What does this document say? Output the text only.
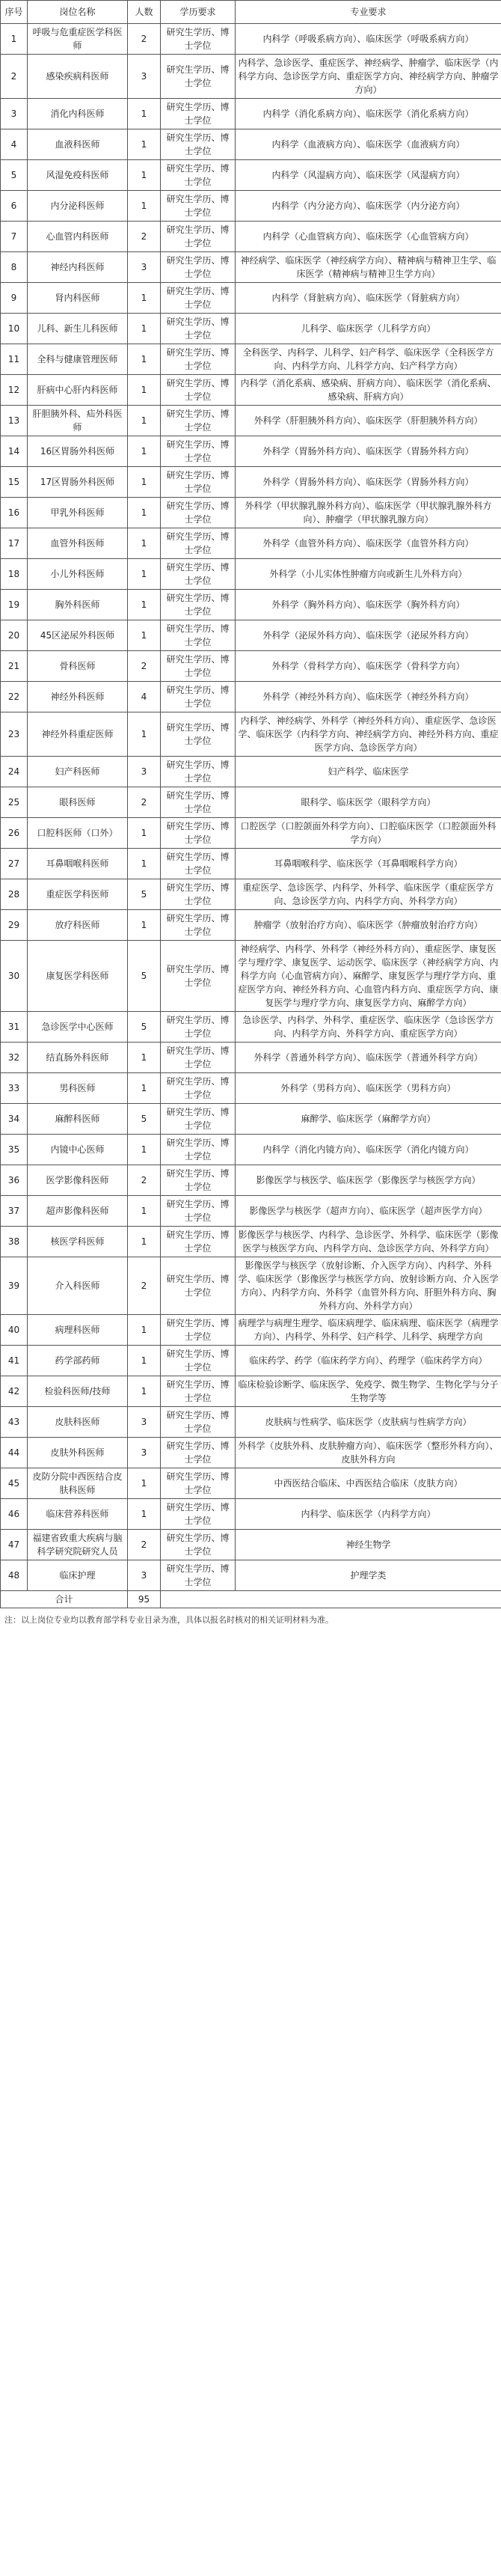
序号	岗位名称	人数	学历要求	专业要求
1	呼吸与危重症医学科医师	2	研究生学历、博士学位	内科学（呼吸系病方向）、临床医学（呼吸系病方向）
2	感染疾病科医师	3	研究生学历、博士学位	内科学、急诊医学、重症医学、神经病学、肿瘤学、临床医学（内科学方向、急诊医学方向、重症医学方向、神经病学方向、肿瘤学方向）
3	消化内科医师	1	研究生学历、博士学位	内科学（消化系病方向）、临床医学（消化系病方向）
4	血液科医师	1	研究生学历、博士学位	内科学（血液病方向）、临床医学（血液病方向）
5	风湿免疫科医师	1	研究生学历、博士学位	内科学（风湿病方向）、临床医学（风湿病方向）
6	内分泌科医师	1	研究生学历、博士学位	内科学（内分泌方向）、临床医学（内分泌方向）
7	心血管内科医师	2	研究生学历、博士学位	内科学（心血管病方向）、临床医学（心血管病方向）
8	神经内科医师	3	研究生学历、博士学位	神经病学、临床医学（神经病学方向）、精神病与精神卫生学、临床医学（精神病与精神卫生学方向）
9	肾内科医师	1	研究生学历、博士学位	内科学（肾脏病方向）、临床医学（肾脏病方向）
10	儿科、新生儿科医师	1	研究生学历、博士学位	儿科学、临床医学（儿科学方向）
11	全科与健康管理医师	1	研究生学历、博士学位	全科医学、内科学、儿科学、妇产科学、临床医学（全科医学方向、内科学方向、儿科学方向、妇产科学方向）
12	肝病中心肝内科医师	1	研究生学历、博士学位	内科学（消化系病、感染病、肝病方向）、临床医学（消化系病、感染病、肝病方向）
13	肝胆胰外科、疝外科医师	1	研究生学历、博士学位	外科学（肝胆胰外科方向）、临床医学（肝胆胰外科方向）
14	16区胃肠外科医师	1	研究生学历、博士学位	外科学（胃肠外科方向）、临床医学（胃肠外科方向）
15	17区胃肠外科医师	1	研究生学历、博士学位	外科学（胃肠外科方向）、临床医学（胃肠外科方向）
16	甲乳外科医师	1	研究生学历、博士学位	外科学（甲状腺乳腺外科方向）、临床医学（甲状腺乳腺外科方向）、肿瘤学（甲状腺乳腺方向）
17	血管外科医师	1	研究生学历、博士学位	外科学（血管外科方向）、临床医学（血管外科方向）
18	小儿外科医师	1	研究生学历、博士学位	外科学（小儿实体性肿瘤方向或新生儿外科方向）
19	胸外科医师	1	研究生学历、博士学位	外科学（胸外科方向）、临床医学（胸外科方向）
20	45区泌尿外科医师	1	研究生学历、博士学位	外科学（泌尿外科方向）、临床医学（泌尿外科方向）
21	骨科医师	2	研究生学历、博士学位	外科学（骨科学方向）、临床医学（骨科学方向）
22	神经外科医师	4	研究生学历、博士学位	外科学（神经外科方向）、临床医学（神经外科方向）
23	神经外科重症医师	1	研究生学历、博士学位	内科学、神经病学、外科学（神经外科方向）、重症医学、急诊医学、临床医学（内科学方向、神经病学方向、神经外科方向、重症医学方向、急诊医学方向）
24	妇产科医师	3	研究生学历、博士学位	妇产科学、临床医学
25	眼科医师	2	研究生学历、博士学位	眼科学、临床医学（眼科学方向）
26	口腔科医师（口外）	1	研究生学历、博士学位	口腔医学（口腔颌面外科学方向）、口腔临床医学（口腔颌面外科学方向）
27	耳鼻咽喉科医师	1	研究生学历、博士学位	耳鼻咽喉科学、临床医学（耳鼻咽喉科学方向）
28	重症医学科医师	5	研究生学历、博士学位	重症医学、急诊医学、内科学、外科学、临床医学（重症医学方向、急诊医学方向、内科学方向、外科学方向）
29	放疗科医师	1	研究生学历、博士学位	肿瘤学（放射治疗方向）、临床医学（肿瘤放射治疗方向）
30	康复医学科医师	5	研究生学历、博士学位	神经病学、内科学、外科学（神经外科方向）、重症医学、康复医学与理疗学、康复医学、运动医学、临床医学（神经病学方向、内科学方向（心血管病方向）、麻醉学、康复医学与理疗学方向、重症医学方向、神经外科方向、心血管内科方向、重症医学方向、康复医学与理疗学方向、康复医学方向、麻醉学方向）
31	急诊医学中心医师	5	研究生学历、博士学位	急诊医学、内科学、外科学、重症医学、临床医学（急诊医学方向、内科学方向、外科学方向、重症医学方向）
32	结直肠外科医师	1	研究生学历、博士学位	外科学（普通外科学方向）、临床医学（普通外科学方向）
33	男科医师	1	研究生学历、博士学位	外科学（男科方向）、临床医学（男科方向）
34	麻醉科医师	5	研究生学历、博士学位	麻醉学、临床医学（麻醉学方向）
35	内镜中心医师	1	研究生学历、博士学位	内科学（消化内镜方向）、临床医学（消化内镜方向）
36	医学影像科医师	2	研究生学历、博士学位	影像医学与核医学、临床医学（影像医学与核医学方向）
37	超声影像科医师	1	研究生学历、博士学位	影像医学与核医学（超声方向）、临床医学（超声医学方向）
38	核医学科医师	1	研究生学历、博士学位	影像医学与核医学、内科学、急诊医学、外科学、临床医学（影像医学与核医学方向、内科学方向、急诊医学方向、外科学方向）
39	介入科医师	2	研究生学历、博士学位	影像医学与核医学（放射诊断、介入医学方向）、内科学、外科学、临床医学（影像医学与核医学方向、放射诊断方向、介入医学方向）、内科学方向、外科学（血管外科方向、肝胆外科方向、胸外科方向、外科学方向）
40	病理科医师	1	研究生学历、博士学位	病理学与病理生理学、临床病理学、临床病理、临床医学（病理学方向）、内科学、外科学、妇产科学、儿科学、病理学方向
41	药学部药师	1	研究生学历、博士学位	临床药学、药学（临床药学方向）、药理学（临床药学方向）
42	检验科医师/技师	1	研究生学历、博士学位	临床检验诊断学、临床医学、免疫学、微生物学、生物化学与分子生物学等
43	皮肤科医师	3	研究生学历、博士学位	皮肤病与性病学、临床医学（皮肤病与性病学方向）
44	皮肤外科医师	3	研究生学历、博士学位	外科学（皮肤外科、皮肤肿瘤方向）、临床医学（整形外科方向）、皮肤外科方向
45	皮防分院中西医结合皮肤科医师	1	研究生学历、博士学位	中西医结合临床、中西医结合临床（皮肤方向）
46	临床营养科医师	1	研究生学历、博士学位	内科学、临床医学（内科学方向）
47	福建省致重大疾病与脑科学研究院研究人员	2	研究生学历、博士学位	神经生物学
48	临床护理	3	研究生学历、博士学位	护理学类
合计		95		
注：以上岗位专业均以教育部学科专业目录为准，具体以报名时核对的相关证明材料为准。
